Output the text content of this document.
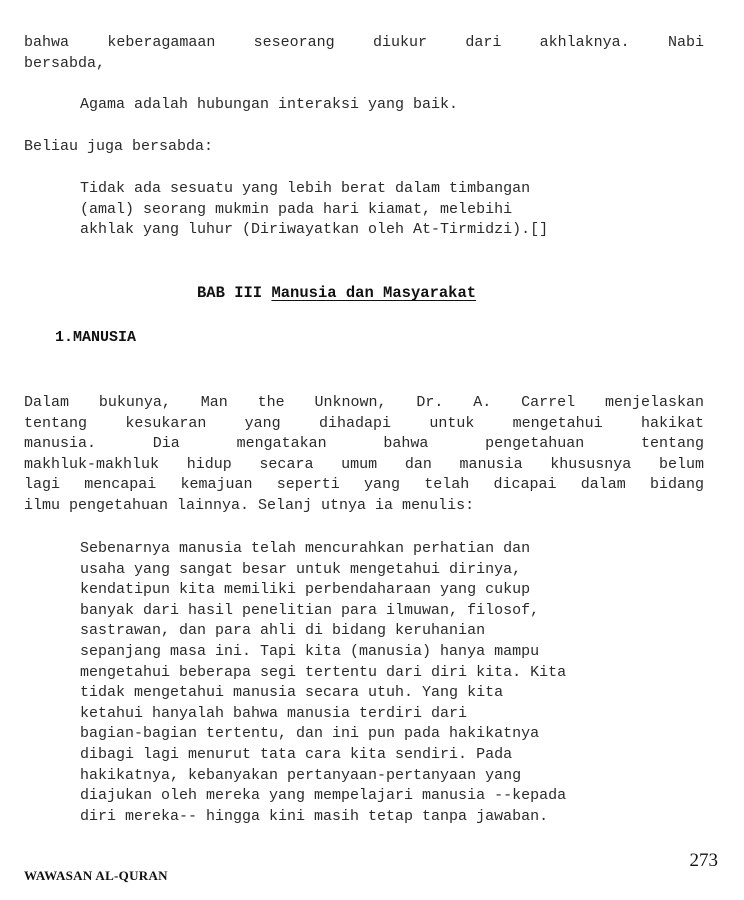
bahwa keberagamaan seseorang diukur dari akhlaknya. Nabi
bersabda,
Agama adalah hubungan interaksi yang baik.
Beliau juga bersabda:
Tidak ada sesuatu yang lebih berat dalam timbangan
(amal) seorang mukmin pada hari kiamat, melebihi
akhlak yang luhur (Diriwayatkan oleh At-Tirmidzi).[]
BAB III Manusia dan Masyarakat
1.MANUSIA
Dalam bukunya, Man the Unknown, Dr. A. Carrel menjelaskan
tentang kesukaran yang dihadapi untuk mengetahui hakikat
manusia. Dia mengatakan bahwa pengetahuan tentang
makhluk-makhluk hidup secara umum dan manusia khususnya belum
lagi mencapai kemajuan seperti yang telah dicapai dalam bidang
ilmu pengetahuan lainnya. Selanj utnya ia menulis:
Sebenarnya manusia telah mencurahkan perhatian dan
usaha yang sangat besar untuk mengetahui dirinya,
kendatipun kita memiliki perbendaharaan yang cukup
banyak dari hasil penelitian para ilmuwan, filosof,
sastrawan, dan para ahli di bidang keruhanian
sepanjang masa ini. Tapi kita (manusia) hanya mampu
mengetahui beberapa segi tertentu dari diri kita. Kita
tidak mengetahui manusia secara utuh. Yang kita
ketahui hanyalah bahwa manusia terdiri dari
bagian-bagian tertentu, dan ini pun pada hakikatnya
dibagi lagi menurut tata cara kita sendiri. Pada
hakikatnya, kebanyakan pertanyaan-pertanyaan yang
diajukan oleh mereka yang mempelajari manusia --kepada
diri mereka-- hingga kini masih tetap tanpa jawaban.
WAWASAN AL-QURAN
273
